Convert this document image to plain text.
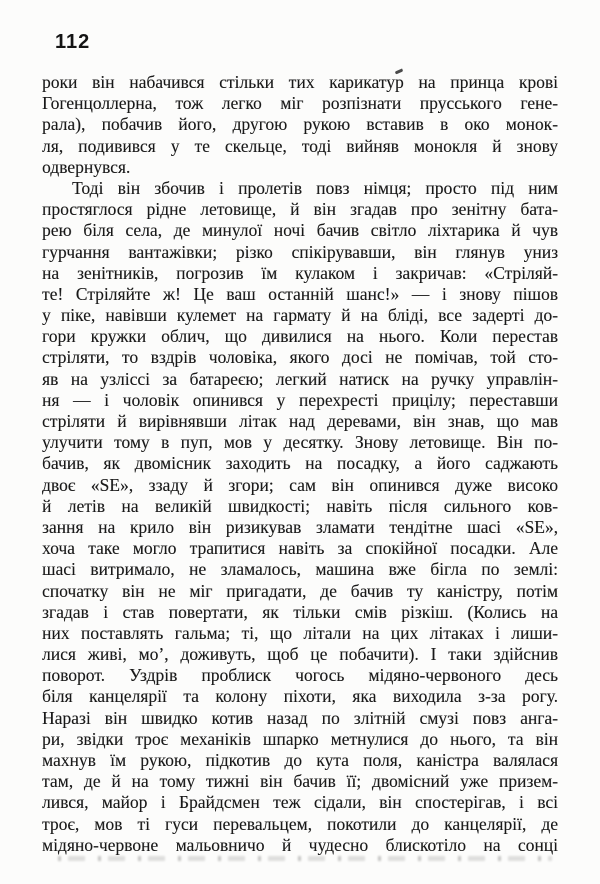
112
роки він набачився стільки тих карикатур на принца крові
Гогенцоллерна, тож легко міг розпізнати прусського гене-
рала), побачив його, другою рукою вставив в око монок-
ля, подивився у те скельце, тоді вийняв монокля й знову
одвернувся.
Тоді він збочив і пролетів повз німця; просто під ним
простяглося рідне летовище, й він згадав про зенітну бата-
рею біля села, де минулої ночі бачив світло ліхтарика й чув
гурчання вантажівки; різко спікірувавши, він глянув униз
на зенітників, погрозив їм кулаком і закричав: «Стріляй-
те! Стріляйте ж! Це ваш останній шанс!» — і знову пішов
у піке, навівши кулемет на гармату й на бліді, все задерті до-
гори кружки облич, що дивилися на нього. Коли перестав
стріляти, то вздрів чоловіка, якого досі не помічав, той сто-
яв на узліссі за батареєю; легкий натиск на ручку управлін-
ня — і чоловік опинився у перехресті прицілу; переставши
стріляти й вирівнявши літак над деревами, він знав, що мав
улучити тому в пуп, мов у десятку. Знову летовище. Він по-
бачив, як двомісник заходить на посадку, а його саджають
двоє «SE», ззаду й згори; сам він опинився дуже високо
й летів на великій швидкості; навіть після сильного ков-
зання на крило він ризикував зламати тендітне шасі «SE»,
хоча таке могло трапитися навіть за спокійної посадки. Але
шасі витримало, не зламалось, машина вже бігла по землі:
спочатку він не міг пригадати, де бачив ту каністру, потім
згадав і став повертати, як тільки смів різкіш. (Колись на
них поставлять гальма; ті, що літали на цих літаках і лиши-
лися живі, мо’, доживуть, щоб це побачити). І таки здійснив
поворот. Уздрів проблиск чогось мідяно-червоного десь
біля канцелярії та колону піхоти, яка виходила з-за рогу.
Наразі він швидко котив назад по злітній смузі повз анга-
ри, звідки троє механіків шпарко метнулися до нього, та він
махнув їм рукою, підкотив до кута поля, каністра валялася
там, де й на тому тижні він бачив її; двомісний уже призем-
лився, майор і Брайдсмен теж сідали, він спостерігав, і всі
троє, мов ті гуси перевальцем, покотили до канцелярії, де
мідяно-червоне мальовничо й чудесно блискотіло на сонці
